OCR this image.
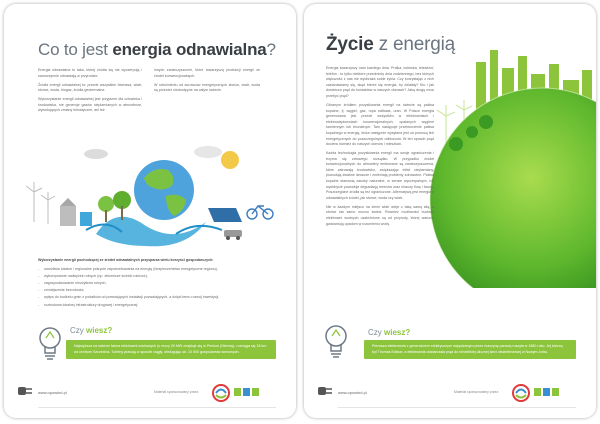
Co to jest energia odnawialna?

Energia odnawialna to taka, której źródła się nie wyczerpują i samoczynnie odnawiają w przyrodzie.

Źródła energii odnawialnej to: przede wszystkim biomasa, wiatr, słońce, woda, biogaz, źródła geotermalne.

Wykorzystanie energii odnawialnej jest przyjazne dla człowieka i środowiska, nie generuje gazów cieplarnianych w atmosferze, wywołujących zmiany klimatyczne, ani też

innych zanieczyszczeń, które towarzyszą produkcji energii ze źródeł konwencjonalnych.

W odróżnieniu od surowców energetycznych słońce, wiatr, woda są przecież niedostępne na całym świecie.

Wykorzystanie energii pochodzącej ze źródeł odnawialnych przysparza wielu korzyści gospodarczych:
- umożliwia lokalne i regionalne pokrycie zapotrzebowania na energię (bezpieczeństwo energetyczne regionu),
- wykorzystanie nadwyżek rolnych (np. zbiornicze ścieżki rolnicze),
- zagospodarowanie nieużytków rolnych,
- zmniejszenie bezrobocia,
- wpływ do budżetu gmin z podatków od powstających instalacji pozwalających, a dzięki temu rozwój inwestycji,
- rozbudowa lokalnej infrastruktury drogowej i energetycznej.
Czy wiesz?
Największa na świecie farma elektrowni wiatrowych (o mocy 20 MW znajduje się w Penkun (Niemcy), rozciąga się 18 km od centrum Szczecina. Turbiny pracują w sposób ciągły, obsługując ok. 10 000 gospodarstw domowych.
www.opowind.pl	Materiał sponsorowany przez:
Życie z energią

Energia towarzyszy nam każdego dnia. Pralka, lodówka, telewizor, telefon - to tylko niektóre przedmioty dnia codziennego, bez których większość z nas nie wyobraża sobie życia. Czy korzystając z nich zastanawiamy się, skąd bierze się energia, by działały? Kto i jak dostarcza prąd do kontaktów w naszych domach? Jaką drogę musi przebyć prąd?

Głównym źródłem pozyskiwania energii na świecie są paliwa kopalne, tj. węgiel, gaz, ropa naftowa, uran. W Polsce energia generowana jest przede wszystkim w elektrowniach i elektrociepłowniach konwencjonalnych, opalanych węglem kamiennym lub brunatnym. Tam następuje przetworzenie paliwa kopalnego w energię, która następnie wysyłana jest za pomocą linii energetycznych do poszczególnych odbiorców. W ten sposób prąd dociera również do naszych domów i mieszkań.

Każda technologia pozyskiwania energii ma swoje ograniczenia i trzyma się zdrowego rozsądku. W przypadku źródeł konwencjonalnych do atmosfery emitowane są zanieczyszczenia, które zatruwają środowisko, zwiększając efekt cieplarniany, powodują kwaśne deszcze i zmieniają problemy zdrowotne. Paliwa kopalne stanowią zasoby naturalne, w sensie wyczerpalnym, ich wydobycie powoduje degradację terenów oraz niszczy florę i faunę. Poszczególne źródła są też ograniczone. Alternatywą jest energia z odnawialnych źródeł, jak słońce, woda czy wiatr.

Nie w każdym miejscu na ziemi wiatr wieje z taką samą siłą, a słońce tak samo mocno świeci. Również możliwości budowy elektrowni wodnych uzależnione są od przyrody, której warunki gwarantują opadom w rozumieniu wody.

Czy wiesz?
Pierwsza elektrownia z generatorem elektrycznym napędzanym przez maszynę parową ruszyła w 1880 roku. Jej twórcą był Thomas Edison, a elektrownia dostarczała prąd do niewielkiej ulicznej sieci oświetleniowej w Nowym Jorku.
www.opowind.pl	Materiał sponsorowany przez:
